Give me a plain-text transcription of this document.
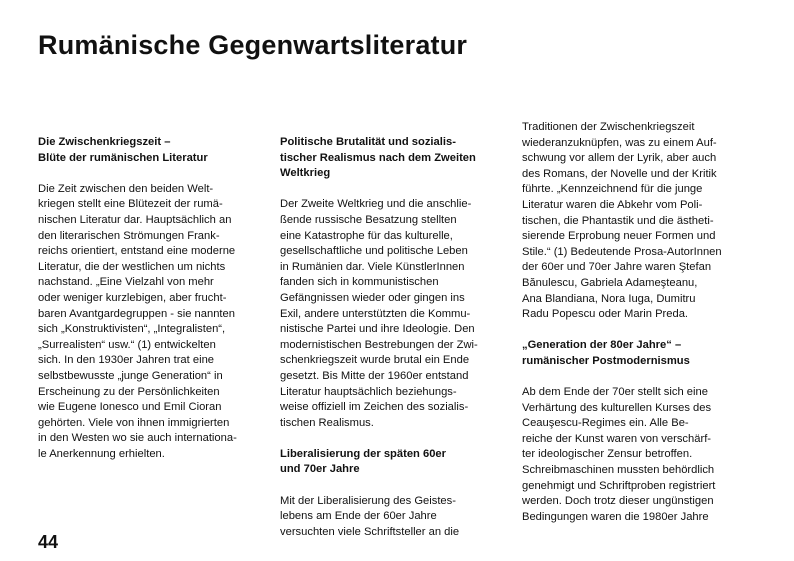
Rumänische Gegenwartsliteratur
Die Zwischenkriegszeit –
Blüte der rumänischen Literatur
Die Zeit zwischen den beiden Welt-
kriegen stellt eine Blütezeit der rumä-
nischen Literatur dar. Hauptsächlich an
den literarischen Strömungen Frank-
reichs orientiert, entstand eine moderne
Literatur, die der westlichen um nichts
nachstand. „Eine Vielzahl von mehr
oder weniger kurzlebigen, aber frucht-
baren Avantgardegruppen - sie nannten
sich „Konstruktivisten“, „Integralisten“,
„Surrealisten“ usw.“ (1) entwickelten
sich. In den 1930er Jahren trat eine
selbstbewusste „junge Generation“ in
Erscheinung zu der Persönlichkeiten
wie Eugene Ionesco und Emil Cioran
gehörten. Viele von ihnen immigrierten
in den Westen wo sie auch internationa-
le Anerkennung erhielten.
Politische Brutalität und sozialis-
tischer Realismus nach dem Zweiten
Weltkrieg
Der Zweite Weltkrieg und die anschlie-
ßende russische Besatzung stellten
eine Katastrophe für das kulturelle,
gesellschaftliche und politische Leben
in Rumänien dar. Viele KünstlerInnen
fanden sich in kommunistischen
Gefängnissen wieder oder gingen ins
Exil, andere unterstützten die Kommu-
nistische Partei und ihre Ideologie. Den
modernistischen Bestrebungen der Zwi-
schenkriegszeit wurde brutal ein Ende
gesetzt. Bis Mitte der 1960er entstand
Literatur hauptsächlich beziehungs-
weise offiziell im Zeichen des sozialis-
tischen Realismus.
Liberalisierung der späten 60er
und 70er Jahre
Mit der Liberalisierung des Geistes-
lebens am Ende der 60er Jahre
versuchten viele Schriftsteller an die
Traditionen der Zwischenkriegszeit
wiederanzuknüpfen, was zu einem Auf-
schwung vor allem der Lyrik, aber auch
des Romans, der Novelle und der Kritik
führte. „Kennzeichnend für die junge
Literatur waren die Abkehr vom Poli-
tischen, die Phantastik und die ästheti-
sierende Erprobung neuer Formen und
Stile.“ (1) Bedeutende Prosa-AutorInnen
der 60er und 70er Jahre waren Ştefan
Bănulescu, Gabriela Adameşteanu,
Ana Blandiana, Nora Iuga, Dumitru
Radu Popescu oder Marin Preda.
„Generation der 80er Jahre“ –
rumänischer Postmodernismus
Ab dem Ende der 70er stellt sich eine
Verhärtung des kulturellen Kurses des
Ceauşescu-Regimes ein. Alle Be-
reiche der Kunst waren von verschärf-
ter ideologischer Zensur betroffen.
Schreibmaschinen mussten behördlich
genehmigt und Schriftproben registriert
werden. Doch trotz dieser ungünstigen
Bedingungen waren die 1980er Jahre

44
